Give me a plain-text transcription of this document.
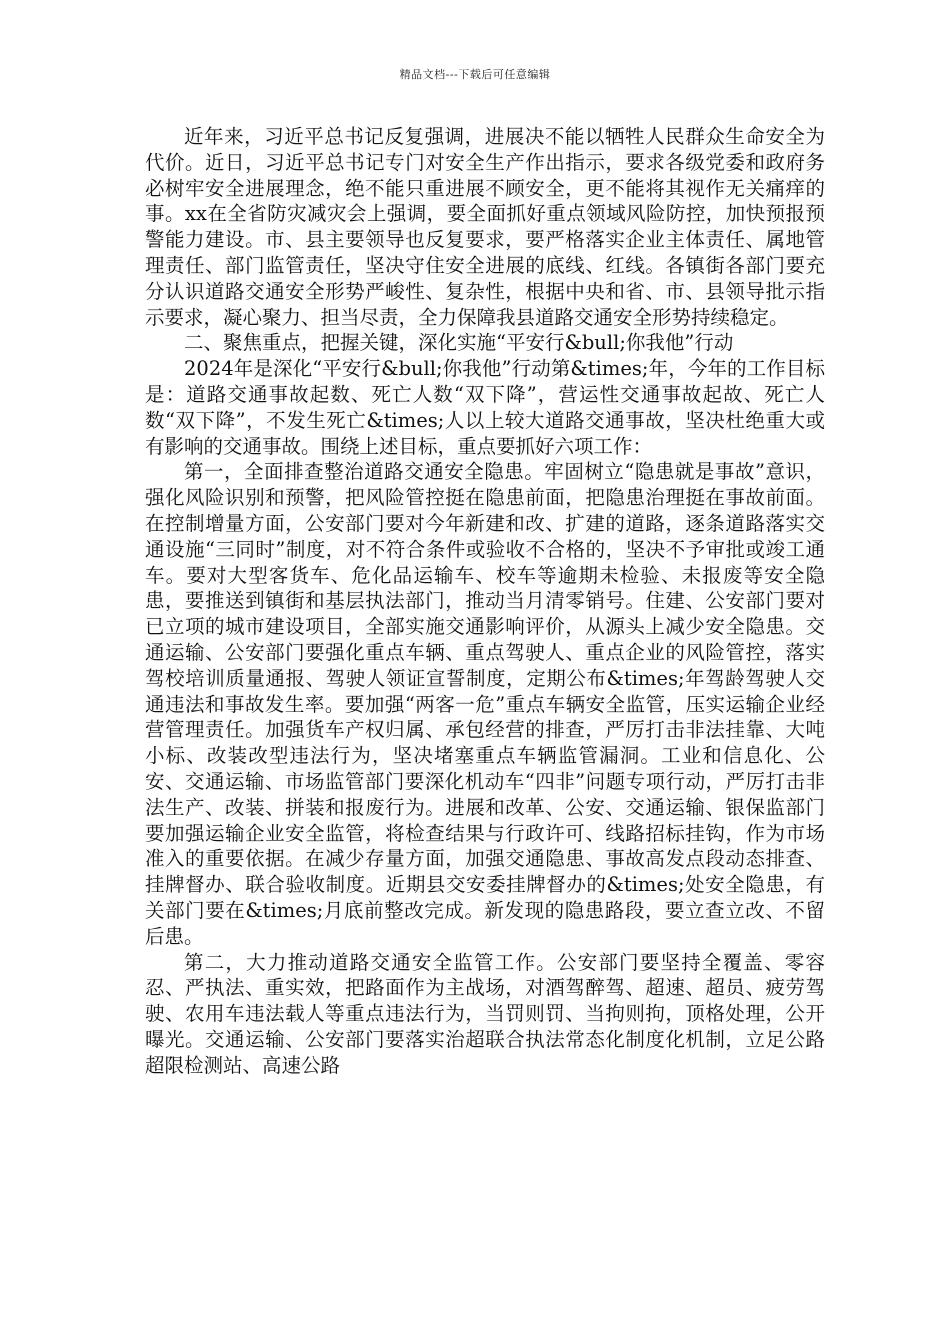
精品文档---下载后可任意编辑

近年来，习近平总书记反复强调，进展决不能以牺牲人民群众生命安全为代价。近日，习近平总书记专门对安全生产作出指示，要求各级党委和政府务必树牢安全进展理念，绝不能只重进展不顾安全，更不能将其视作无关痛痒的事。xx在全省防灾减灾会上强调，要全面抓好重点领域风险防控，加快预报预警能力建设。市、县主要领导也反复要求，要严格落实企业主体责任、属地管理责任、部门监管责任，坚决守住安全进展的底线、红线。各镇街各部门要充分认识道路交通安全形势严峻性、复杂性，根据中央和省、市、县领导批示指示要求，凝心聚力、担当尽责，全力保障我县道路交通安全形势持续稳定。

二、聚焦重点，把握关键，深化实施“平安行&bull;你我他”行动

2024年是深化“平安行&bull;你我他”行动第&times;年，今年的工作目标是：道路交通事故起数、死亡人数“双下降”，营运性交通事故起故、死亡人数“双下降”，不发生死亡&times;人以上较大道路交通事故，坚决杜绝重大或有影响的交通事故。围绕上述目标，重点要抓好六项工作：

第一，全面排查整治道路交通安全隐患。牢固树立“隐患就是事故”意识，强化风险识别和预警，把风险管控挺在隐患前面，把隐患治理挺在事故前面。在控制增量方面，公安部门要对今年新建和改、扩建的道路，逐条道路落实交通设施“三同时”制度，对不符合条件或验收不合格的，坚决不予审批或竣工通车。要对大型客货车、危化品运输车、校车等逾期未检验、未报废等安全隐患，要推送到镇街和基层执法部门，推动当月清零销号。住建、公安部门要对已立项的城市建设项目，全部实施交通影响评价，从源头上减少安全隐患。交通运输、公安部门要强化重点车辆、重点驾驶人、重点企业的风险管控，落实驾校培训质量通报、驾驶人领证宣誓制度，定期公布&times;年驾龄驾驶人交通违法和事故发生率。要加强“两客一危”重点车辆安全监管，压实运输企业经营管理责任。加强货车产权归属、承包经营的排查，严厉打击非法挂靠、大吨小标、改装改型违法行为，坚决堵塞重点车辆监管漏洞。工业和信息化、公安、交通运输、市场监管部门要深化机动车“四非”问题专项行动，严厉打击非法生产、改装、拼装和报废行为。进展和改革、公安、交通运输、银保监部门要加强运输企业安全监管，将检查结果与行政许可、线路招标挂钩，作为市场准入的重要依据。在减少存量方面，加强交通隐患、事故高发点段动态排查、挂牌督办、联合验收制度。近期县交安委挂牌督办的&times;处安全隐患，有关部门要在&times;月底前整改完成。新发现的隐患路段，要立查立改、不留后患。

第二，大力推动道路交通安全监管工作。公安部门要坚持全覆盖、零容忍、严执法、重实效，把路面作为主战场，对酒驾醉驾、超速、超员、疲劳驾驶、农用车违法载人等重点违法行为，当罚则罚、当拘则拘，顶格处理，公开曝光。交通运输、公安部门要落实治超联合执法常态化制度化机制，立足公路超限检测站、高速公路
